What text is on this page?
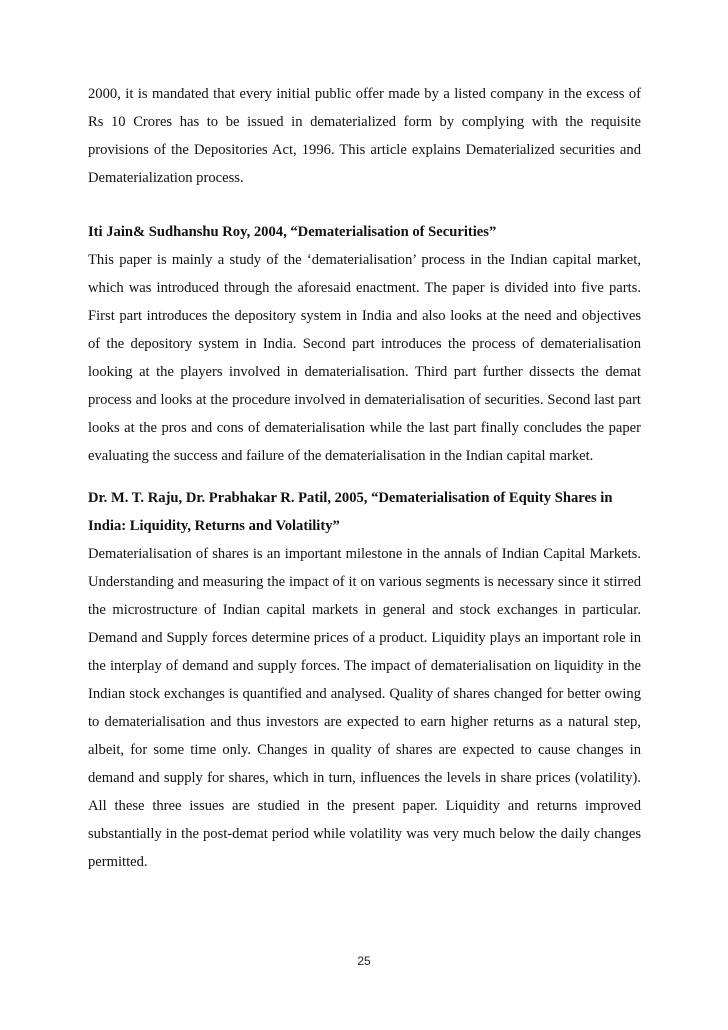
2000, it is mandated that every initial public offer made by a listed company in the excess of Rs 10 Crores has to be issued in dematerialized form by complying with the requisite provisions of the Depositories Act, 1996. This article explains Dematerialized securities and Dematerialization process.

Iti Jain& Sudhanshu Roy, 2004, “Dematerialisation of Securities”

This paper is mainly a study of the ‘dematerialisation’ process in the Indian capital market, which was introduced through the aforesaid enactment. The paper is divided into five parts. First part introduces the depository system in India and also looks at the need and objectives of the depository system in India. Second part introduces the process of dematerialisation looking at the players involved in dematerialisation. Third part further dissects the demat process and looks at the procedure involved in dematerialisation of securities. Second last part looks at the pros and cons of dematerialisation while the last part finally concludes the paper evaluating the success and failure of the dematerialisation in the Indian capital market.

Dr. M. T. Raju, Dr. Prabhakar R. Patil, 2005, “Dematerialisation of Equity Shares in

India: Liquidity, Returns and Volatility”

Dematerialisation of shares is an important milestone in the annals of Indian Capital Markets. Understanding and measuring the impact of it on various segments is necessary since it stirred the microstructure of Indian capital markets in general and stock exchanges in particular. Demand and Supply forces determine prices of a product. Liquidity plays an important role in the interplay of demand and supply forces. The impact of dematerialisation on liquidity in the Indian stock exchanges is quantified and analysed. Quality of shares changed for better owing to dematerialisation and thus investors are expected to earn higher returns as a natural step, albeit, for some time only. Changes in quality of shares are expected to cause changes in demand and supply for shares, which in turn, influences the levels in share prices (volatility). All these three issues are studied in the present paper. Liquidity and returns improved substantially in the post-demat period while volatility was very much below the daily changes permitted.

25
